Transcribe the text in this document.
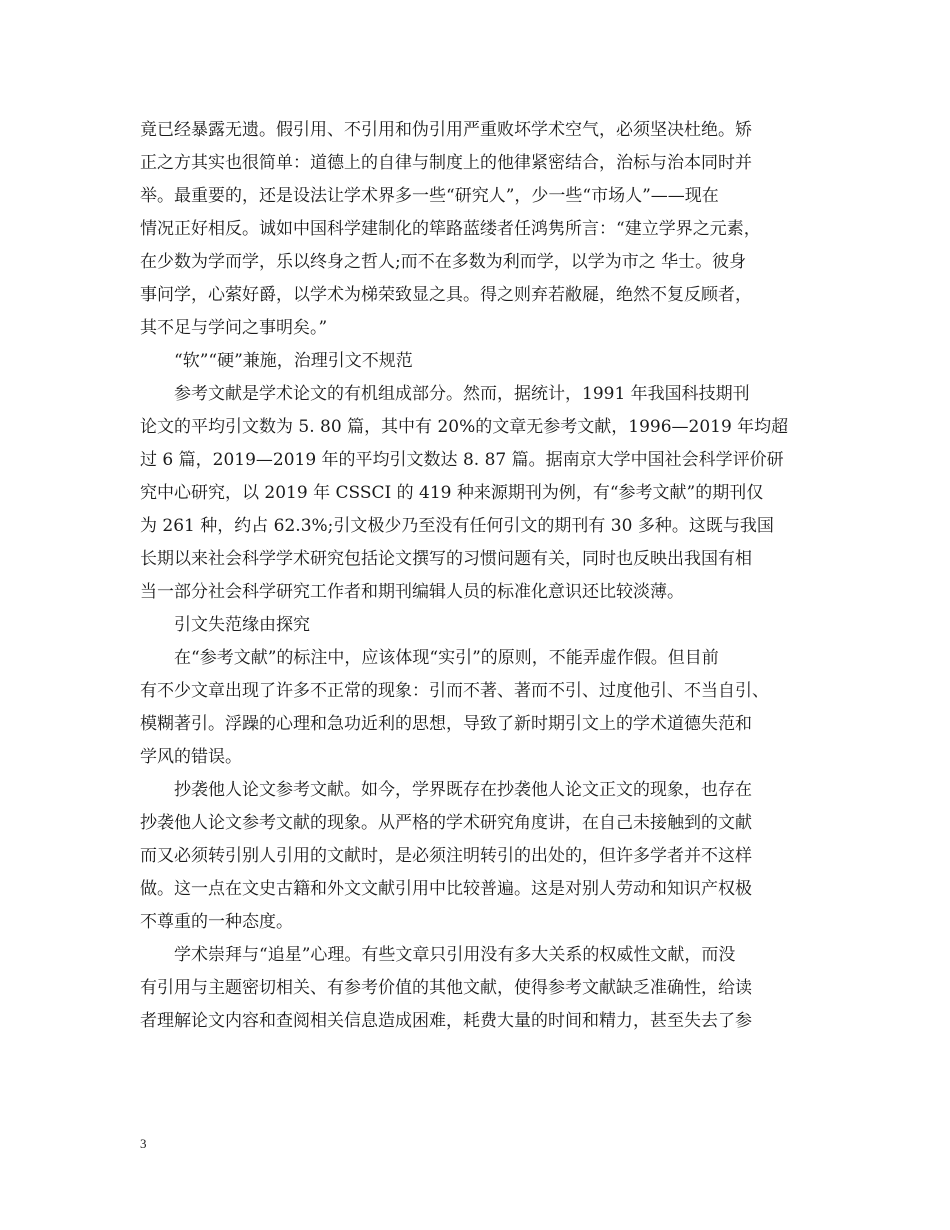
竟已经暴露无遗。假引用、不引用和伪引用严重败坏学术空气，必须坚决杜绝。矫
正之方其实也很简单：道德上的自律与制度上的他律紧密结合，治标与治本同时并
举。最重要的，还是设法让学术界多一些“研究人”，少一些“市场人”——现在
情况正好相反。诚如中国科学建制化的筚路蓝缕者任鸿隽所言：“建立学界之元素，
在少数为学而学，乐以终身之哲人;而不在多数为利而学，以学为市之 华士。彼身
事问学，心萦好爵，以学术为梯荣致显之具。得之则弃若敝屣，绝然不复反顾者，
其不足与学问之事明矣。”
“软”“硬”兼施，治理引文不规范
参考文献是学术论文的有机组成部分。然而，据统计，1991 年我国科技期刊
论文的平均引文数为 5. 80 篇，其中有 20%的文章无参考文献，1996—2019 年均超
过 6 篇，2019—2019 年的平均引文数达 8. 87 篇。据南京大学中国社会科学评价研
究中心研究，以 2019 年 CSSCI 的 419 种来源期刊为例，有“参考文献”的期刊仅
为 261 种，约占 62.3%;引文极少乃至没有任何引文的期刊有 30 多种。这既与我国
长期以来社会科学学术研究包括论文撰写的习惯问题有关，同时也反映出我国有相
当一部分社会科学研究工作者和期刊编辑人员的标准化意识还比较淡薄。
引文失范缘由探究
在“参考文献”的标注中，应该体现“实引”的原则，不能弄虚作假。但目前
有不少文章出现了许多不正常的现象：引而不著、著而不引、过度他引、不当自引、
模糊著引。浮躁的心理和急功近利的思想，导致了新时期引文上的学术道德失范和
学风的错误。
抄袭他人论文参考文献。如今，学界既存在抄袭他人论文正文的现象，也存在
抄袭他人论文参考文献的现象。从严格的学术研究角度讲，在自己未接触到的文献
而又必须转引别人引用的文献时，是必须注明转引的出处的，但许多学者并不这样
做。这一点在文史古籍和外文文献引用中比较普遍。这是对别人劳动和知识产权极
不尊重的一种态度。
学术崇拜与“追星”心理。有些文章只引用没有多大关系的权威性文献，而没
有引用与主题密切相关、有参考价值的其他文献，使得参考文献缺乏准确性，给读
者理解论文内容和查阅相关信息造成困难，耗费大量的时间和精力，甚至失去了参
3
